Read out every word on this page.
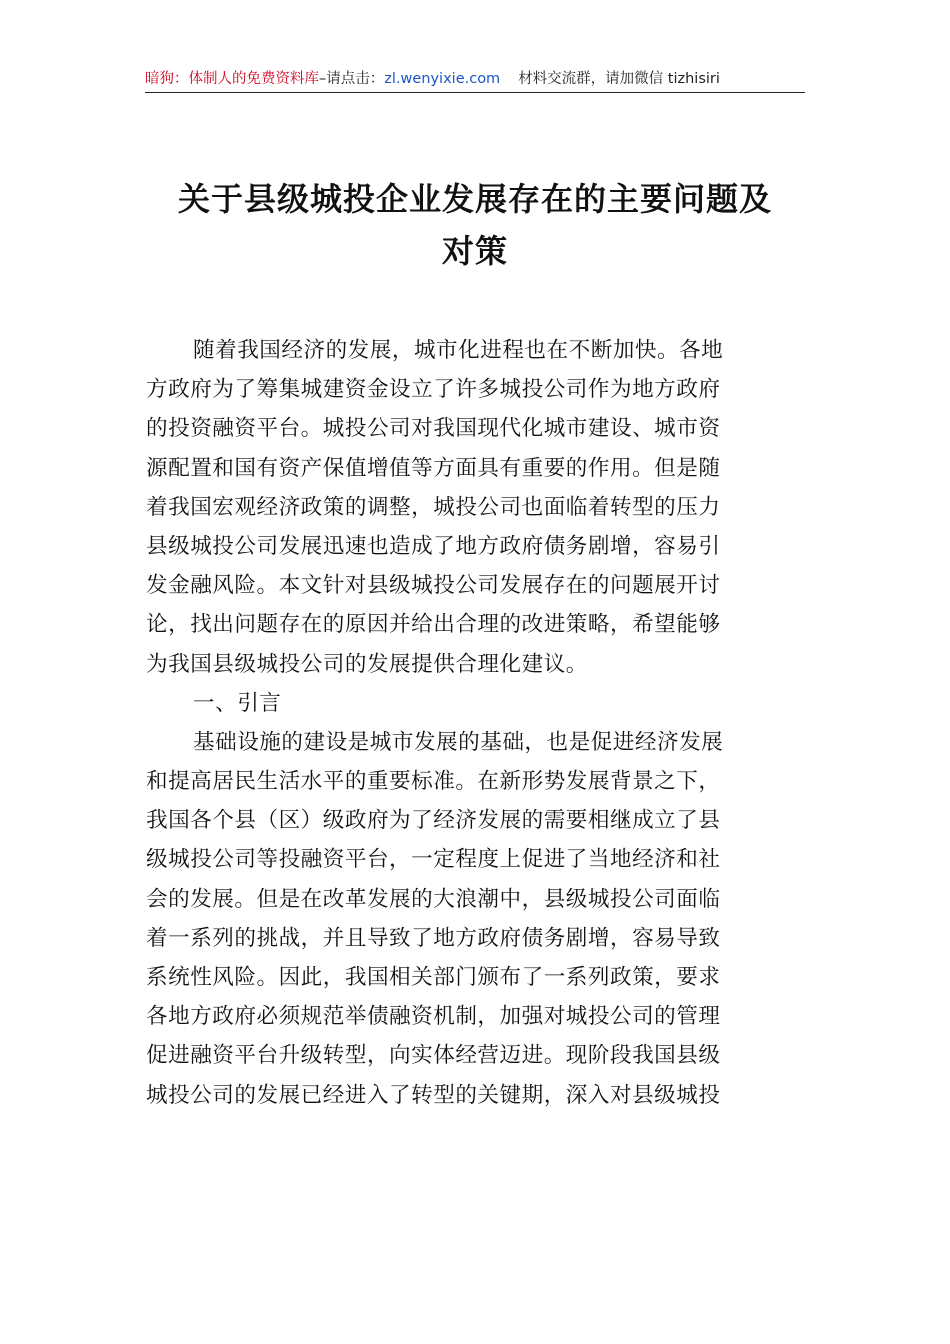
暗狗：体制人的免费资料库–请点击：zl.wenyixie.com 材料交流群，请加微信 tizhisiri
关于县级城投企业发展存在的主要问题及
对策
随着我国经济的发展，城市化进程也在不断加快。各地
方政府为了筹集城建资金设立了许多城投公司作为地方政府
的投资融资平台。城投公司对我国现代化城市建设、城市资
源配置和国有资产保值增值等方面具有重要的作用。但是随
着我国宏观经济政策的调整，城投公司也面临着转型的压力
县级城投公司发展迅速也造成了地方政府债务剧增，容易引
发金融风险。本文针对县级城投公司发展存在的问题展开讨
论，找出问题存在的原因并给出合理的改进策略，希望能够
为我国县级城投公司的发展提供合理化建议。
一、引言
基础设施的建设是城市发展的基础，也是促进经济发展
和提高居民生活水平的重要标准。在新形势发展背景之下，
我国各个县（区）级政府为了经济发展的需要相继成立了县
级城投公司等投融资平台，一定程度上促进了当地经济和社
会的发展。但是在改革发展的大浪潮中，县级城投公司面临
着一系列的挑战，并且导致了地方政府债务剧增，容易导致
系统性风险。因此，我国相关部门颁布了一系列政策，要求
各地方政府必须规范举债融资机制，加强对城投公司的管理
促进融资平台升级转型，向实体经营迈进。现阶段我国县级
城投公司的发展已经进入了转型的关键期，深入对县级城投
